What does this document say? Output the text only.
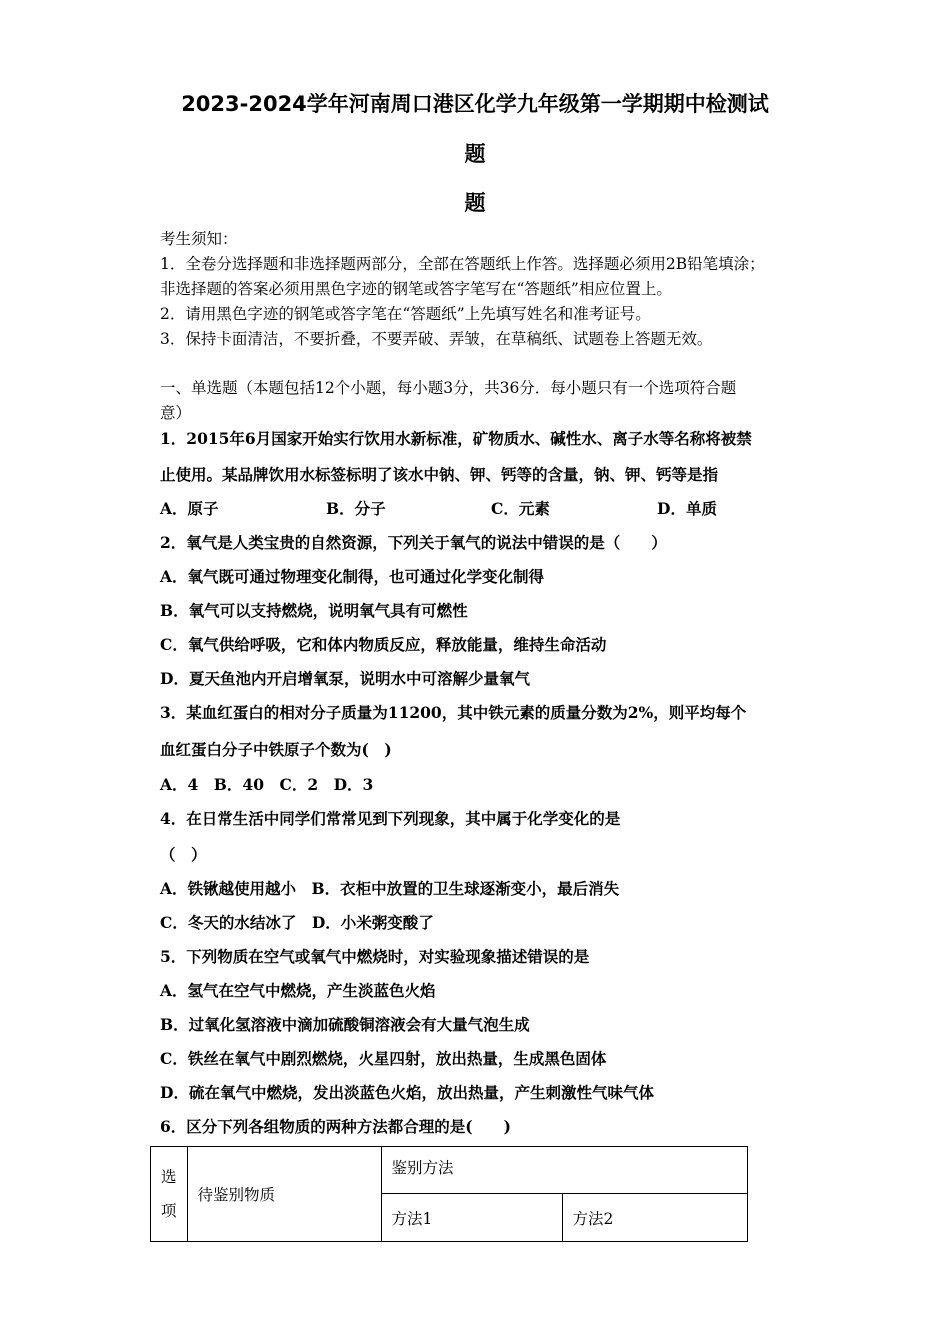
2023-2024学年河南周口港区化学九年级第一学期期中检测试
题
题
考生须知：
1．全卷分选择题和非选择题两部分，全部在答题纸上作答。选择题必须用2B铅笔填涂；
非选择题的答案必须用黑色字迹的钢笔或答字笔写在“答题纸”相应位置上。
2．请用黑色字迹的钢笔或答字笔在“答题纸”上先填写姓名和准考证号。
3．保持卡面清洁，不要折叠，不要弄破、弄皱，在草稿纸、试题卷上答题无效。
一、单选题（本题包括12个小题，每小题3分，共36分．每小题只有一个选项符合题
意）
1．2015年6月国家开始实行饮用水新标准，矿物质水、碱性水、离子水等名称将被禁
止使用。某品牌饮用水标签标明了该水中钠、钾、钙等的含量，钠、钾、钙等是指
A．原子	B．分子	C．元素	D．单质
2．氧气是人类宝贵的自然资源，下列关于氧气的说法中错误的是（　　）
A．氧气既可通过物理变化制得，也可通过化学变化制得
B．氧气可以支持燃烧，说明氧气具有可燃性
C．氧气供给呼吸，它和体内物质反应，释放能量，维持生命活动
D．夏天鱼池内开启增氧泵，说明水中可溶解少量氧气
3．某血红蛋白的相对分子质量为11200，其中铁元素的质量分数为2%，则平均每个
血红蛋白分子中铁原子个数为(　)
A．4　B．40　C．2　D．3
4．在日常生活中同学们常常见到下列现象，其中属于化学变化的是
（　）
A．铁锹越使用越小　B．衣柜中放置的卫生球逐渐变小，最后消失
C．冬天的水结冰了　D．小米粥变酸了
5．下列物质在空气或氧气中燃烧时，对实验现象描述错误的是
A．氢气在空气中燃烧，产生淡蓝色火焰
B．过氧化氢溶液中滴加硫酸铜溶液会有大量气泡生成
C．铁丝在氧气中剧烈燃烧，火星四射，放出热量，生成黑色固体
D．硫在氧气中燃烧，发出淡蓝色火焰，放出热量，产生刺激性气味气体
6．区分下列各组物质的两种方法都合理的是(　　)
选
项	待鉴别物质	鉴别方法	
		方法1	方法2
